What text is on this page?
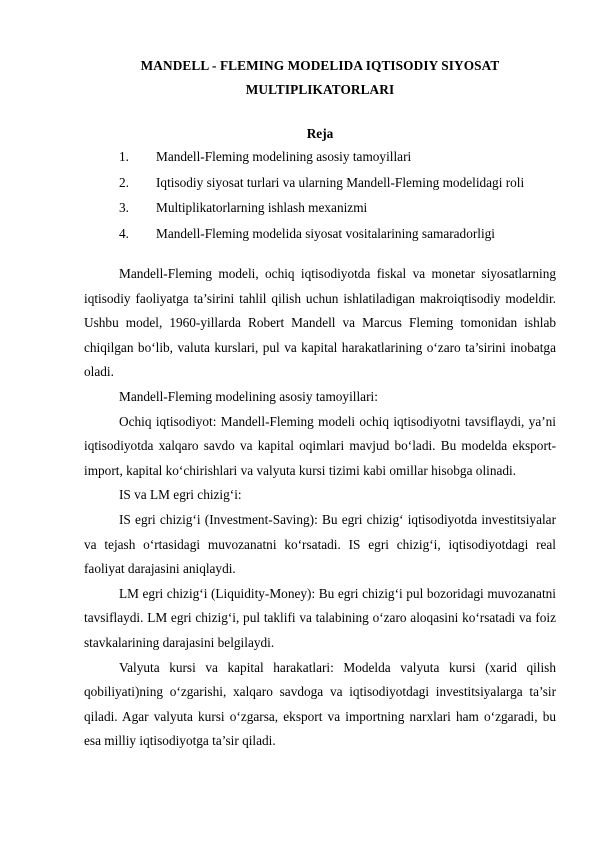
MANDELL - FLEMING MODELIDA IQTISODIY SIYOSAT
MULTIPLIKATORLARI
Reja
1. Mandell-Fleming modelining asosiy tamoyillari
2. Iqtisodiy siyosat turlari va ularning Mandell-Fleming modelidagi roli
3. Multiplikatorlarning ishlash mexanizmi
4. Mandell-Fleming modelida siyosat vositalarining samaradorligi

Mandell-Fleming modeli, ochiq iqtisodiyotda fiskal va monetar siyosatlarning iqtisodiy faoliyatga ta’sirini tahlil qilish uchun ishlatiladigan makroiqtisodiy modeldir. Ushbu model, 1960-yillarda Robert Mandell va Marcus Fleming tomonidan ishlab chiqilgan bo‘lib, valuta kurslari, pul va kapital harakatlarining o‘zaro ta’sirini inobatga oladi.

Mandell-Fleming modelining asosiy tamoyillari:

Ochiq iqtisodiyot: Mandell-Fleming modeli ochiq iqtisodiyotni tavsiflaydi, ya’ni iqtisodiyotda xalqaro savdo va kapital oqimlari mavjud bo‘ladi. Bu modelda eksport-import, kapital ko‘chirishlari va valyuta kursi tizimi kabi omillar hisobga olinadi.

IS va LM egri chizig‘i:

IS egri chizig‘i (Investment-Saving): Bu egri chizig‘ iqtisodiyotda investitsiyalar va tejash o‘rtasidagi muvozanatni ko‘rsatadi. IS egri chizig‘i, iqtisodiyotdagi real faoliyat darajasini aniqlaydi.

LM egri chizig‘i (Liquidity-Money): Bu egri chizig‘i pul bozoridagi muvozanatni tavsiflaydi. LM egri chizig‘i, pul taklifi va talabining o‘zaro aloqasini ko‘rsatadi va foiz stavkalarining darajasini belgilaydi.

Valyuta kursi va kapital harakatlari: Modelda valyuta kursi (xarid qilish qobiliyati)ning o‘zgarishi, xalqaro savdoga va iqtisodiyotdagi investitsiyalarga ta’sir qiladi. Agar valyuta kursi o‘zgarsa, eksport va importning narxlari ham o‘zgaradi, bu esa milliy iqtisodiyotga ta’sir qiladi.
